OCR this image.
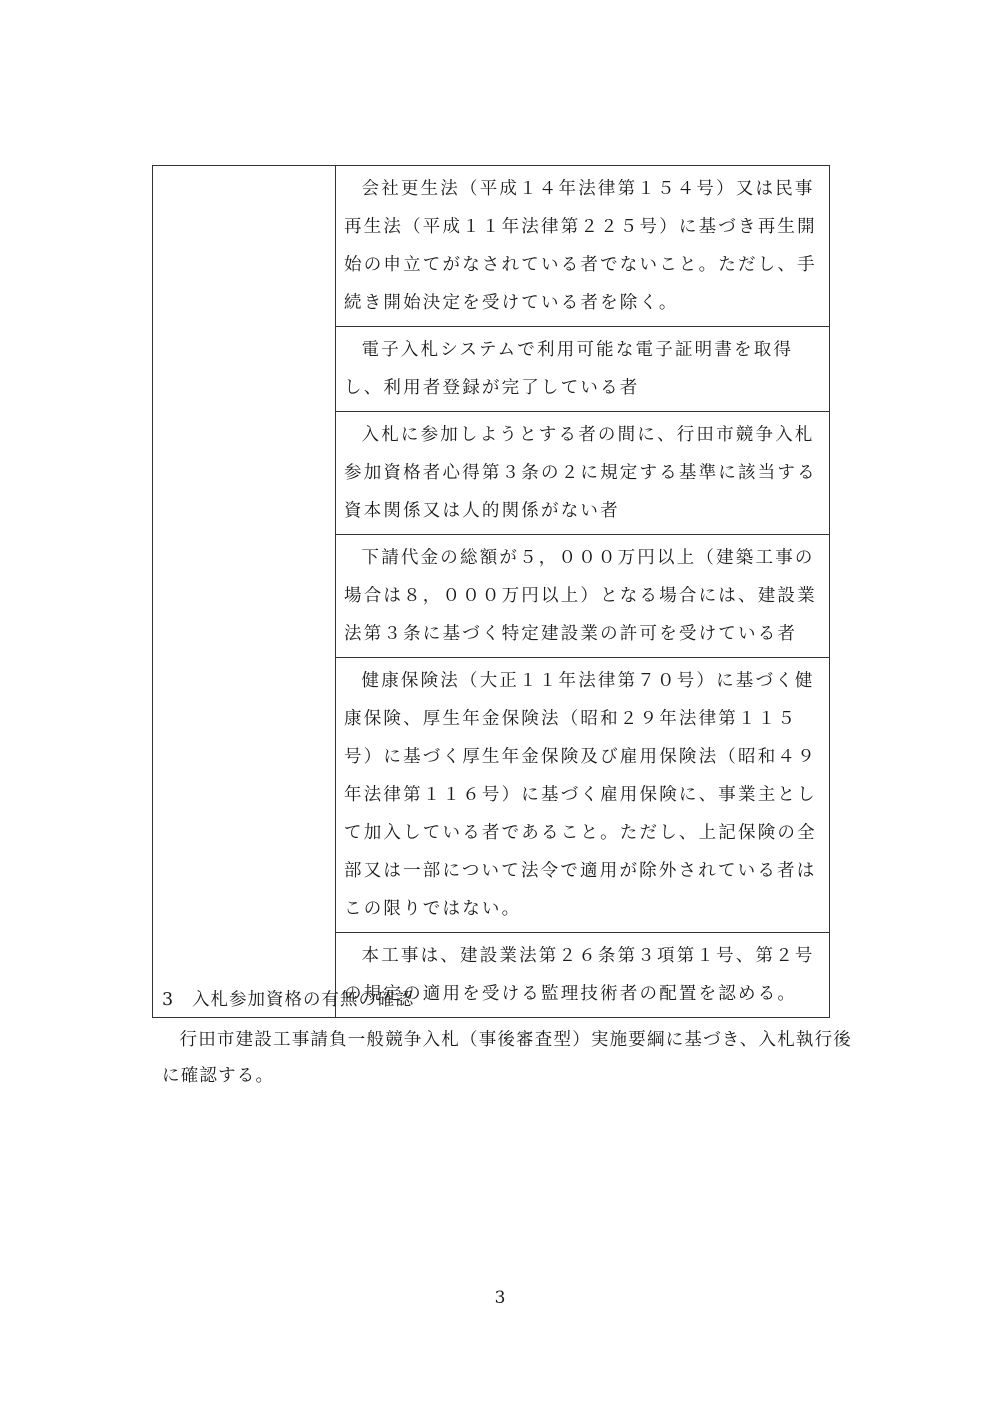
会社更生法（平成１４年法律第１５４号）又は民事再生法（平成１１年法律第２２５号）に基づき再生開始の申立てがなされている者でないこと。ただし、手続き開始決定を受けている者を除く。

電子入札システムで利用可能な電子証明書を取得し、利用者登録が完了している者

入札に参加しようとする者の間に、行田市競争入札参加資格者心得第３条の２に規定する基準に該当する資本関係又は人的関係がない者

下請代金の総額が５，０００万円以上（建築工事の場合は８，０００万円以上）となる場合には、建設業法第３条に基づく特定建設業の許可を受けている者

健康保険法（大正１１年法律第７０号）に基づく健康保険、厚生年金保険法（昭和２９年法律第１１５号）に基づく厚生年金保険及び雇用保険法（昭和４９年法律第１１６号）に基づく雇用保険に、事業主として加入している者であること。ただし、上記保険の全部又は一部について法令で適用が除外されている者はこの限りではない。

本工事は、建設業法第２６条第３項第１号、第２号の規定の適用を受ける監理技術者の配置を認める。
3 入札参加資格の有無の確認
行田市建設工事請負一般競争入札（事後審査型）実施要綱に基づき、入札執行後に確認する。
3
